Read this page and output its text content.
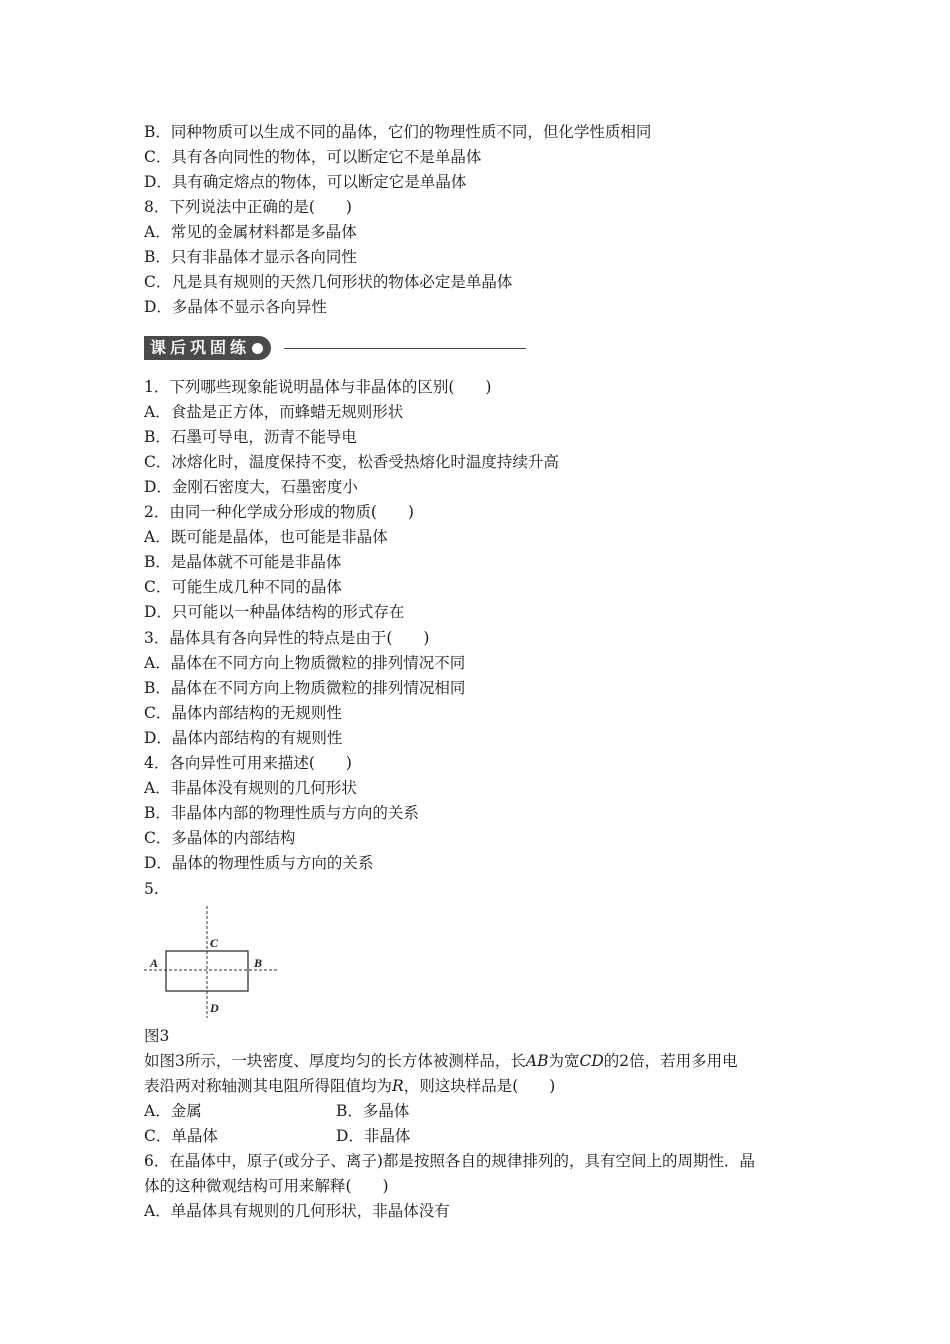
B．同种物质可以生成不同的晶体，它们的物理性质不同，但化学性质相同
C．具有各向同性的物体，可以断定它不是单晶体
D．具有确定熔点的物体，可以断定它是单晶体
8．下列说法中正确的是(　　)
A．常见的金属材料都是多晶体
B．只有非晶体才显示各向同性
C．凡是具有规则的天然几何形状的物体必定是单晶体
D．多晶体不显示各向异性
课后巩固练
1．下列哪些现象能说明晶体与非晶体的区别(　　)
A．食盐是正方体，而蜂蜡无规则形状
B．石墨可导电，沥青不能导电
C．冰熔化时，温度保持不变，松香受热熔化时温度持续升高
D．金刚石密度大，石墨密度小
2．由同一种化学成分形成的物质(　　)
A．既可能是晶体，也可能是非晶体
B．是晶体就不可能是非晶体
C．可能生成几种不同的晶体
D．只可能以一种晶体结构的形式存在
3．晶体具有各向异性的特点是由于(　　)
A．晶体在不同方向上物质微粒的排列情况不同
B．晶体在不同方向上物质微粒的排列情况相同
C．晶体内部结构的无规则性
D．晶体内部结构的有规则性
4．各向异性可用来描述(　　)
A．非晶体没有规则的几何形状
B．非晶体内部的物理性质与方向的关系
C．多晶体的内部结构
D．晶体的物理性质与方向的关系
5.
A	B
C
D
图3
如图3所示，一块密度、厚度均匀的长方体被测样品，长AB为宽CD的2倍，若用多用电
表沿两对称轴测其电阻所得阻值均为R，则这块样品是(　　)
A．金属	B．多晶体
C．单晶体	D．非晶体
6．在晶体中，原子(或分子、离子)都是按照各自的规律排列的，具有空间上的周期性．晶
体的这种微观结构可用来解释(　　)
A．单晶体具有规则的几何形状，非晶体没有
